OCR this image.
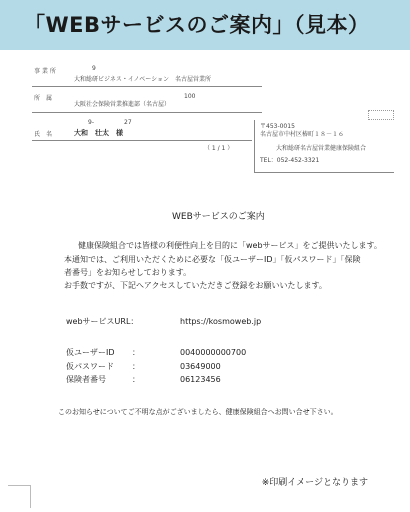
「WEBサービスのご案内」（見本）
事 業 所	9
大和総研ビジネス・イノベーション　名古屋営業所
所　属	100
大阪社会保険営業推進部（名古屋）
9-	27
氏　名	大和　壮太　様
（ 1 / 1 ）
〒453-0015
名古屋市中村区椿町１８－１６
大和総研名古屋営業健康保険組合
TEL：052-452-3321
WEBサービスのご案内
健康保険組合では皆様の利便性向上を目的に「webサービス」をご提供いたします。
本通知では、ご利用いただくために必要な「仮ユーザーID」「仮パスワード」「保険
者番号」をお知らせしております。
お手数ですが、下記へアクセスしていただきご登録をお願いいたします。
webサービスURL：	https://kosmoweb.jp
仮ユーザーID ：	0040000000700
仮パスワード ：	03649000
保険者番号	：	06123456
このお知らせについてご不明な点がございましたら、健康保険組合へお問い合せ下さい。
※印刷イメージとなります
